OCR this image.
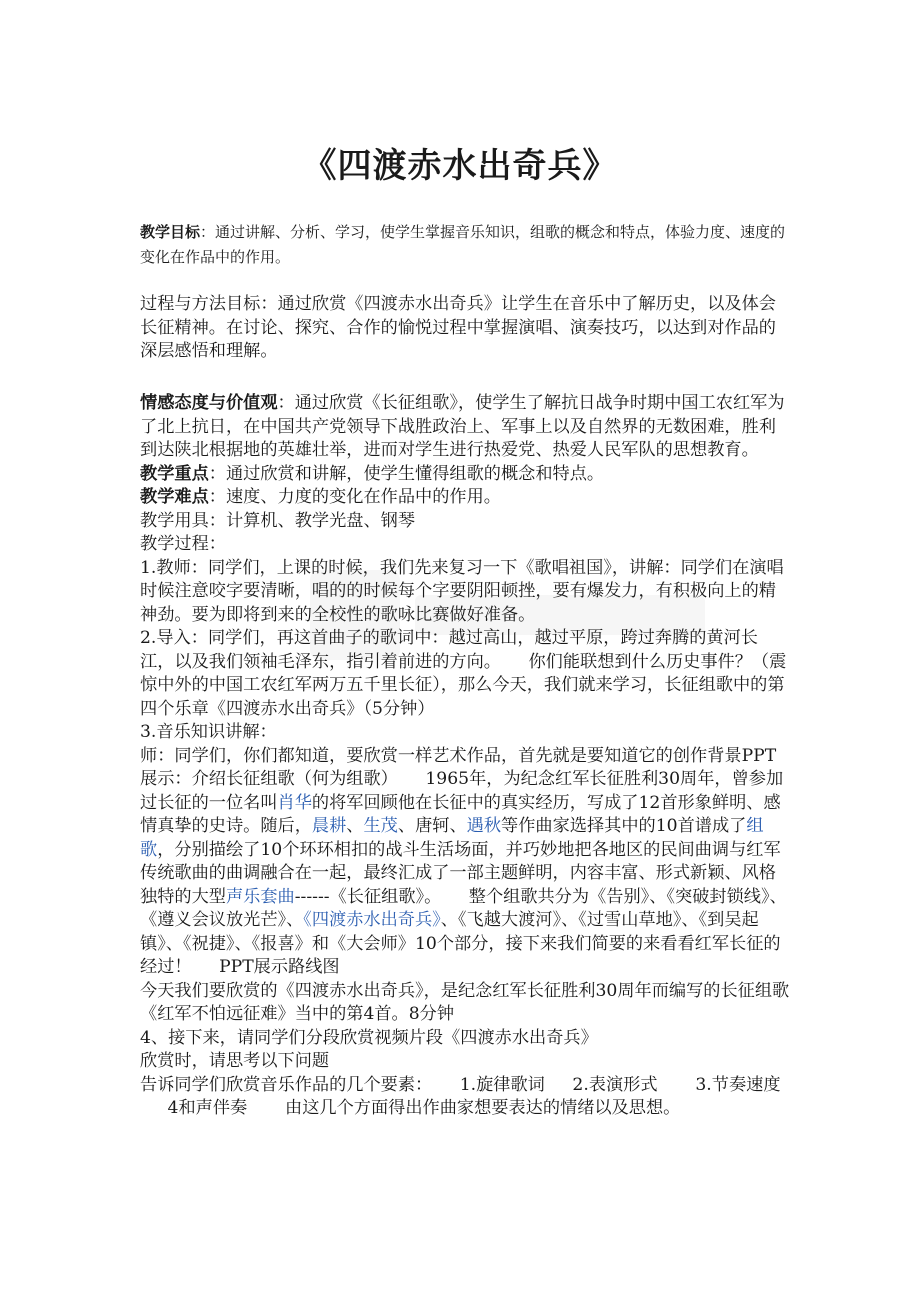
《四渡赤水出奇兵》
教学目标：通过讲解、分析、学习，使学生掌握音乐知识，组歌的概念和特点，体验力度、速度的变化在作品中的作用。
过程与方法目标：通过欣赏《四渡赤水出奇兵》让学生在音乐中了解历史，以及体会长征精神。在讨论、探究、合作的愉悦过程中掌握演唱、演奏技巧，以达到对作品的深层感悟和理解。
情感态度与价值观：通过欣赏《长征组歌》，使学生了解抗日战争时期中国工农红军为了北上抗日，在中国共产党领导下战胜政治上、军事上以及自然界的无数困难，胜利到达陕北根据地的英雄壮举，进而对学生进行热爱党、热爱人民军队的思想教育。
教学重点：通过欣赏和讲解，使学生懂得组歌的概念和特点。
教学难点：速度、力度的变化在作品中的作用。
教学用具：计算机、教学光盘、钢琴
教学过程：
1.教师：同学们，上课的时候，我们先来复习一下《歌唱祖国》，讲解：同学们在演唱时候注意咬字要清晰，唱的的时候每个字要阴阳顿挫，要有爆发力，有积极向上的精神劲。要为即将到来的全校性的歌咏比赛做好准备。
2.导入：同学们，再这首曲子的歌词中：越过高山，越过平原，跨过奔腾的黄河长江，以及我们领袖毛泽东，指引着前进的方向。 你们能联想到什么历史事件？（震惊中外的中国工农红军两万五千里长征），那么今天，我们就来学习，长征组歌中的第四个乐章《四渡赤水出奇兵》（5分钟）
3.音乐知识讲解：
师：同学们，你们都知道，要欣赏一样艺术作品，首先就是要知道它的创作背景PPT 展示：介绍长征组歌（何为组歌） 1965年，为纪念红军长征胜利30周年，曾参加过长征的一位名叫肖华的将军回顾他在长征中的真实经历，写成了12首形象鲜明、感情真挚的史诗。随后，晨耕、生茂、唐轲、遇秋等作曲家选择其中的10首谱成了组歌，分别描绘了10个环环相扣的战斗生活场面，并巧妙地把各地区的民间曲调与红军传统歌曲的曲调融合在一起，最终汇成了一部主题鲜明，内容丰富、形式新颖、风格独特的大型声乐套曲------《长征组歌》。 整个组歌共分为《告别》、《突破封锁线》、《遵义会议放光芒》、《四渡赤水出奇兵》、《飞越大渡河》、《过雪山草地》、《到吴起镇》、《祝捷》、《报喜》和《大会师》10个部分，接下来我们简要的来看看红军长征的经过！ PPT展示路线图
今天我们要欣赏的《四渡赤水出奇兵》，是纪念红军长征胜利30周年而编写的长征组歌《红军不怕远征难》当中的第4首。8分钟
4、接下来，请同学们分段欣赏视频片段《四渡赤水出奇兵》
欣赏时，请思考以下问题
告诉同学们欣赏音乐作品的几个要素： 1.旋律歌词 2.表演形式 3.节奏速度4和声伴奏 由这几个方面得出作曲家想要表达的情绪以及思想。
